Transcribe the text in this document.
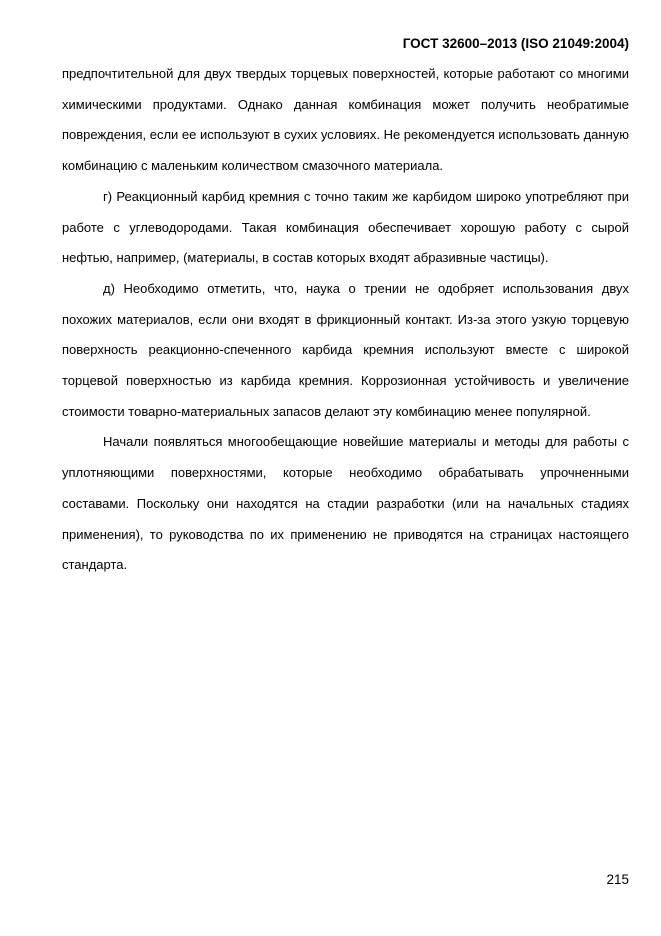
ГОСТ 32600–2013 (ISO 21049:2004)

предпочтительной для двух твердых торцевых поверхностей, которые работают со многими химическими продуктами. Однако данная комбинация может получить необратимые повреждения, если ее используют в сухих условиях. Не рекомендуется использовать данную комбинацию с маленьким количеством смазочного материала.

г) Реакционный карбид кремния с точно таким же карбидом широко употребляют при работе с углеводородами. Такая комбинация обеспечивает хорошую работу с сырой нефтью, например, (материалы, в состав которых входят абразивные частицы).

д) Необходимо отметить, что, наука о трении не одобряет использования двух похожих материалов, если они входят в фрикционный контакт. Из-за этого узкую торцевую поверхность реакционно-спеченного карбида кремния используют вместе с широкой торцевой поверхностью из карбида кремния. Коррозионная устойчивость и увеличение стоимости товарно-материальных запасов делают эту комбинацию менее популярной.

Начали появляться многообещающие новейшие материалы и методы для работы с уплотняющими поверхностями, которые необходимо обрабатывать упрочненными составами. Поскольку они находятся на стадии разработки (или на начальных стадиях применения), то руководства по их применению не приводятся на страницах настоящего стандарта.

215
